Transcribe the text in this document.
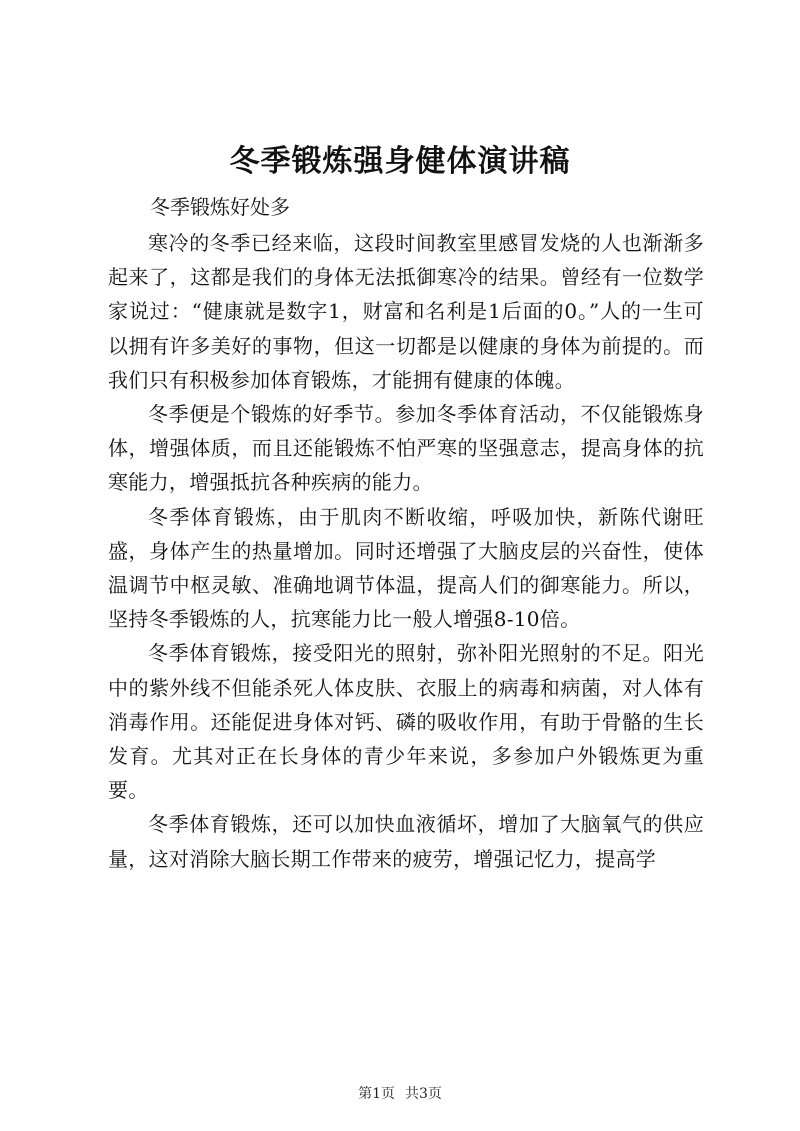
冬季锻炼强身健体演讲稿

冬季锻炼好处多

寒冷的冬季已经来临，这段时间教室里感冒发烧的人也渐渐多起来了，这都是我们的身体无法抵御寒冷的结果。曾经有一位数学家说过：“健康就是数字1，财富和名利是1后面的0。”人的一生可以拥有许多美好的事物，但这一切都是以健康的身体为前提的。而我们只有积极参加体育锻炼，才能拥有健康的体魄。

冬季便是个锻炼的好季节。参加冬季体育活动，不仅能锻炼身体，增强体质，而且还能锻炼不怕严寒的坚强意志，提高身体的抗寒能力，增强抵抗各种疾病的能力。

冬季体育锻炼，由于肌肉不断收缩，呼吸加快，新陈代谢旺盛，身体产生的热量增加。同时还增强了大脑皮层的兴奋性，使体温调节中枢灵敏、准确地调节体温，提高人们的御寒能力。所以，坚持冬季锻炼的人，抗寒能力比一般人增强8-10倍。

冬季体育锻炼，接受阳光的照射，弥补阳光照射的不足。阳光中的紫外线不但能杀死人体皮肤、衣服上的病毒和病菌，对人体有消毒作用。还能促进身体对钙、磷的吸收作用，有助于骨骼的生长发育。尤其对正在长身体的青少年来说，多参加户外锻炼更为重要。

冬季体育锻炼，还可以加快血液循坏，增加了大脑氧气的供应量，这对消除大脑长期工作带来的疲劳，增强记忆力，提高学

第1页 共3页
